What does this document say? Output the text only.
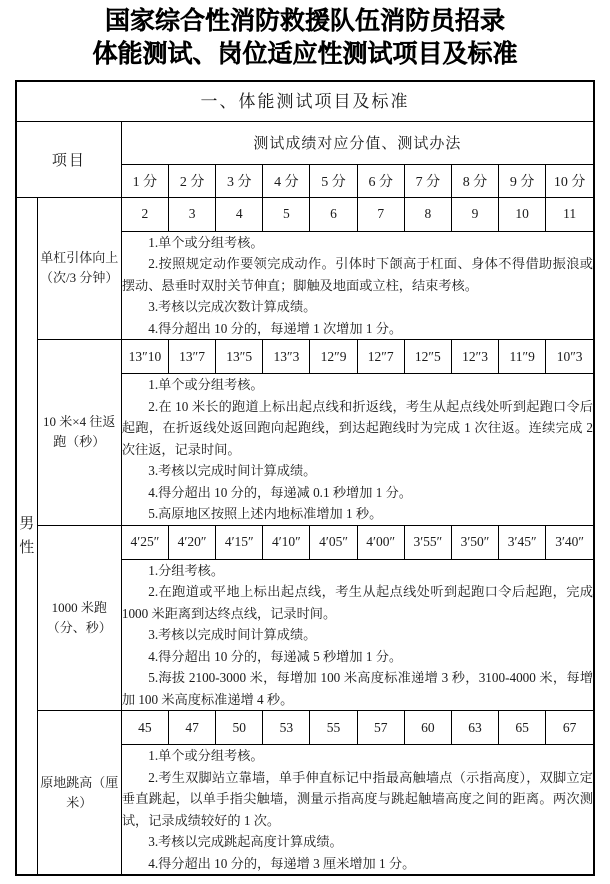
国家综合性消防救援队伍消防员招录
体能测试、岗位适应性测试项目及标准
一、体能测试项目及标准											
项目		测试成绩对应分值、测试办法									
		1 分	2 分	3 分	4 分	5 分	6 分	7 分	8 分	9 分	10 分

男
性	单杠引体向上（次/3 分钟）	2	3	4	5	6	7	8	9	10	11

		1.单个或分组考核。

2.按照规定动作要领完成动作。引体时下颌高于杠面、身体不得借助振浪或摆动、悬垂时双肘关节伸直；脚触及地面或立柱，结束考核。

3.考核以完成次数计算成绩。

4.得分超出 10 分的，每递增 1 次增加 1 分。									

	10 米×4 往返跑（秒）	13″10	13″7	13″5	13″3	12″9	12″7	12″5	12″3	11″9	10″3

		1.单个或分组考核。

2.在 10 米长的跑道上标出起点线和折返线，考生从起点线处听到起跑口令后起跑，在折返线处返回跑向起跑线，到达起跑线时为完成 1 次往返。连续完成 2 次往返，记录时间。

3.考核以完成时间计算成绩。

4.得分超出 10 分的，每递减 0.1 秒增加 1 分。

5.高原地区按照上述内地标准增加 1 秒。									

	1000 米跑（分、秒）	4′25″	4′20″	4′15″	4′10″	4′05″	4′00″	3′55″	3′50″	3′45″	3′40″

		1.分组考核。

2.在跑道或平地上标出起点线，考生从起点线处听到起跑口令后起跑，完成 1000 米距离到达终点线，记录时间。

3.考核以完成时间计算成绩。

4.得分超出 10 分的，每递减 5 秒增加 1 分。

5.海拔 2100-3000 米，每增加 100 米高度标准递增 3 秒，3100-4000 米，每增加 100 米高度标准递增 4 秒。									

	原地跳高（厘米）	45	47	50	53	55	57	60	63	65	67

		1.单个或分组考核。

2.考生双脚站立靠墙，单手伸直标记中指最高触墙点（示指高度），双脚立定垂直跳起，以单手指尖触墙，测量示指高度与跳起触墙高度之间的距离。两次测试，记录成绩较好的 1 次。

3.考核以完成跳起高度计算成绩。

4.得分超出 10 分的，每递增 3 厘米增加 1 分。									
